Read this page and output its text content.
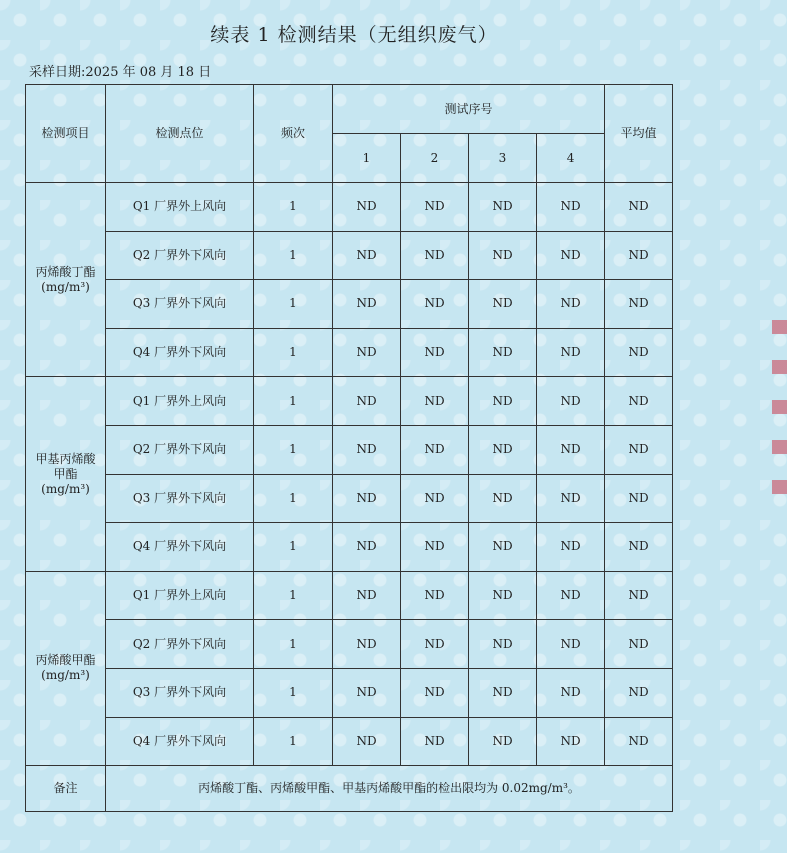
续表 1 检测结果（无组织废气）
采样日期:2025 年 08 月 18 日
检测项目	检测点位	频次	测试序号				平均值
			1	2	3	4	
丙烯酸丁酯(mg/m³)	Q1 厂界外上风向	1	ND	ND	ND	ND	ND
	Q2 厂界外下风向	1	ND	ND	ND	ND	ND
	Q3 厂界外下风向	1	ND	ND	ND	ND	ND
	Q4 厂界外下风向	1	ND	ND	ND	ND	ND
甲基丙烯酸甲酯(mg/m³)	Q1 厂界外上风向	1	ND	ND	ND	ND	ND
	Q2 厂界外下风向	1	ND	ND	ND	ND	ND
	Q3 厂界外下风向	1	ND	ND	ND	ND	ND
	Q4 厂界外下风向	1	ND	ND	ND	ND	ND
丙烯酸甲酯(mg/m³)	Q1 厂界外上风向	1	ND	ND	ND	ND	ND
	Q2 厂界外下风向	1	ND	ND	ND	ND	ND
	Q3 厂界外下风向	1	ND	ND	ND	ND	ND
	Q4 厂界外下风向	1	ND	ND	ND	ND	ND
备注	丙烯酸丁酯、丙烯酸甲酯、甲基丙烯酸甲酯的检出限均为 0.02mg/m³。						
